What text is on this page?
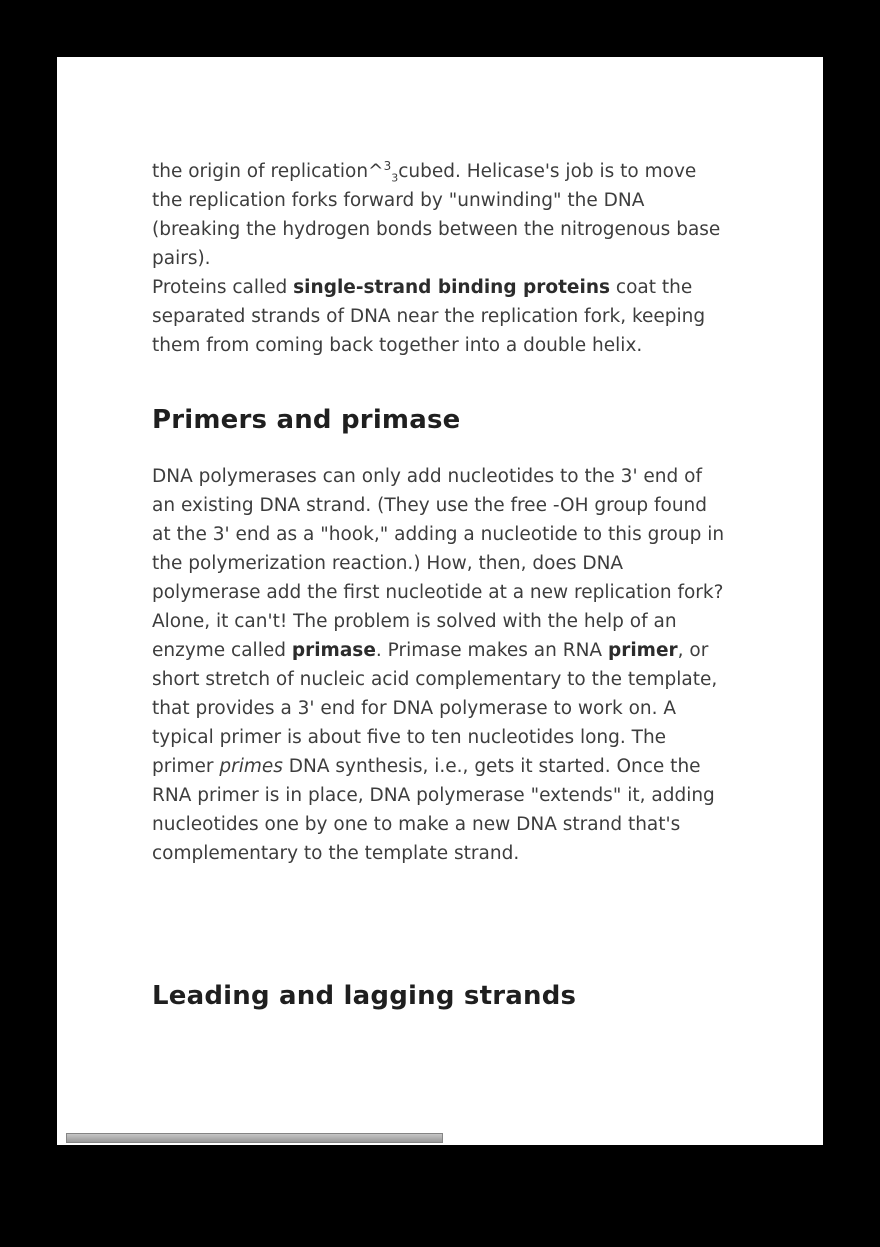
the origin of replication^$^3_3$cubed. Helicase's job is to move the replication forks forward by "unwinding" the DNA (breaking the hydrogen bonds between the nitrogenous base pairs).

Proteins called single-strand binding proteins coat the separated strands of DNA near the replication fork, keeping them from coming back together into a double helix.

Primers and primase

DNA polymerases can only add nucleotides to the 3' end of an existing DNA strand. (They use the free -OH group found at the 3' end as a "hook," adding a nucleotide to this group in the polymerization reaction.) How, then, does DNA polymerase add the first nucleotide at a new replication fork?

Alone, it can't! The problem is solved with the help of an enzyme called primase. Primase makes an RNA primer, or short stretch of nucleic acid complementary to the template, that provides a 3' end for DNA polymerase to work on. A typical primer is about five to ten nucleotides long. The primer primes DNA synthesis, i.e., gets it started. Once the RNA primer is in place, DNA polymerase "extends" it, adding nucleotides one by one to make a new DNA strand that's complementary to the template strand.

Leading and lagging strands
